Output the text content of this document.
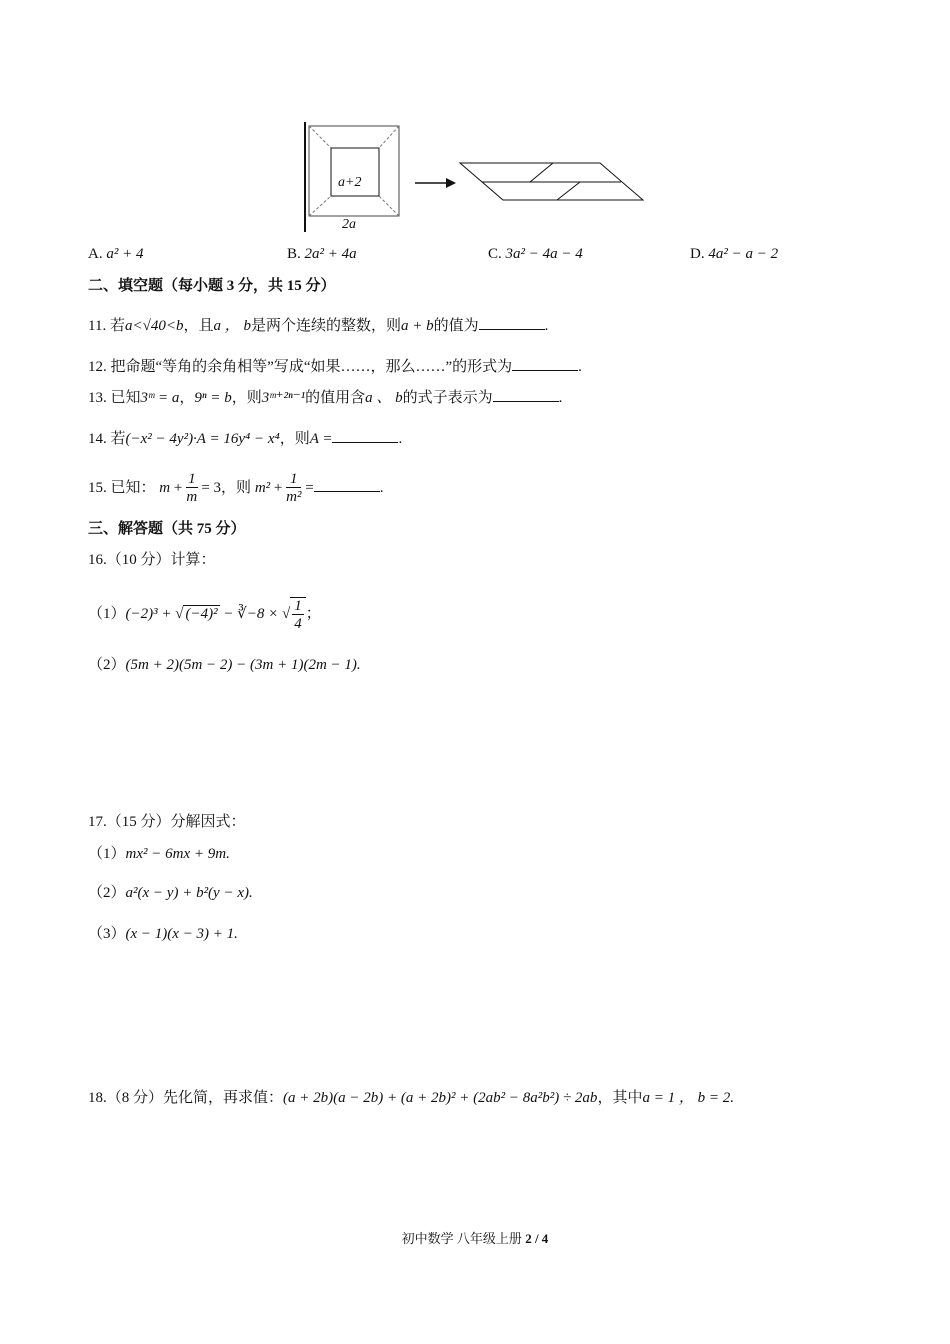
a+2
2a
A. a² + 4	B. 2a² + 4a	C. 3a² − 4a − 4	D. 4a² − a − 2
二、填空题（每小题 3 分，共 15 分）
11. 若a<√40<b，且a ， b是两个连续的整数，则a + b的值为	.
12. 把命题“等角的余角相等”写成“如果……，那么……”的形式为	.
13. 已知3ᵐ = a，9ⁿ = b，则3ᵐ⁺²ⁿ⁻¹的值用含a 、 b的式子表示为	.
14. 若(−x² − 4y²)·A = 16y⁴ − x⁴，则A =	.
15. 已知： $m + \frac{1}{m} = 3$，则 $m^2 + \frac{1}{\text{m²}}$ =	.
三、解答题（共 75 分）
16.（10 分）计算：
（1）(−2)³ + √ (−4)² − ∛−8 × √ $\frac{1}{4}$ ；
（2）(5m + 2)(5m − 2) − (3m + 1)(2m − 1).
17.（15 分）分解因式：
（1）mx² − 6mx + 9m.
（2）a²(x − y) + b²(y − x).
（3）(x − 1)(x − 3) + 1.
18.（8 分）先化简，再求值：(a + 2b)(a − 2b) + (a + 2b)² + (2ab² − 8a²b²) ÷ 2ab，其中a = 1 ， b = 2.
初中数学 八年级上册 2 / 4
